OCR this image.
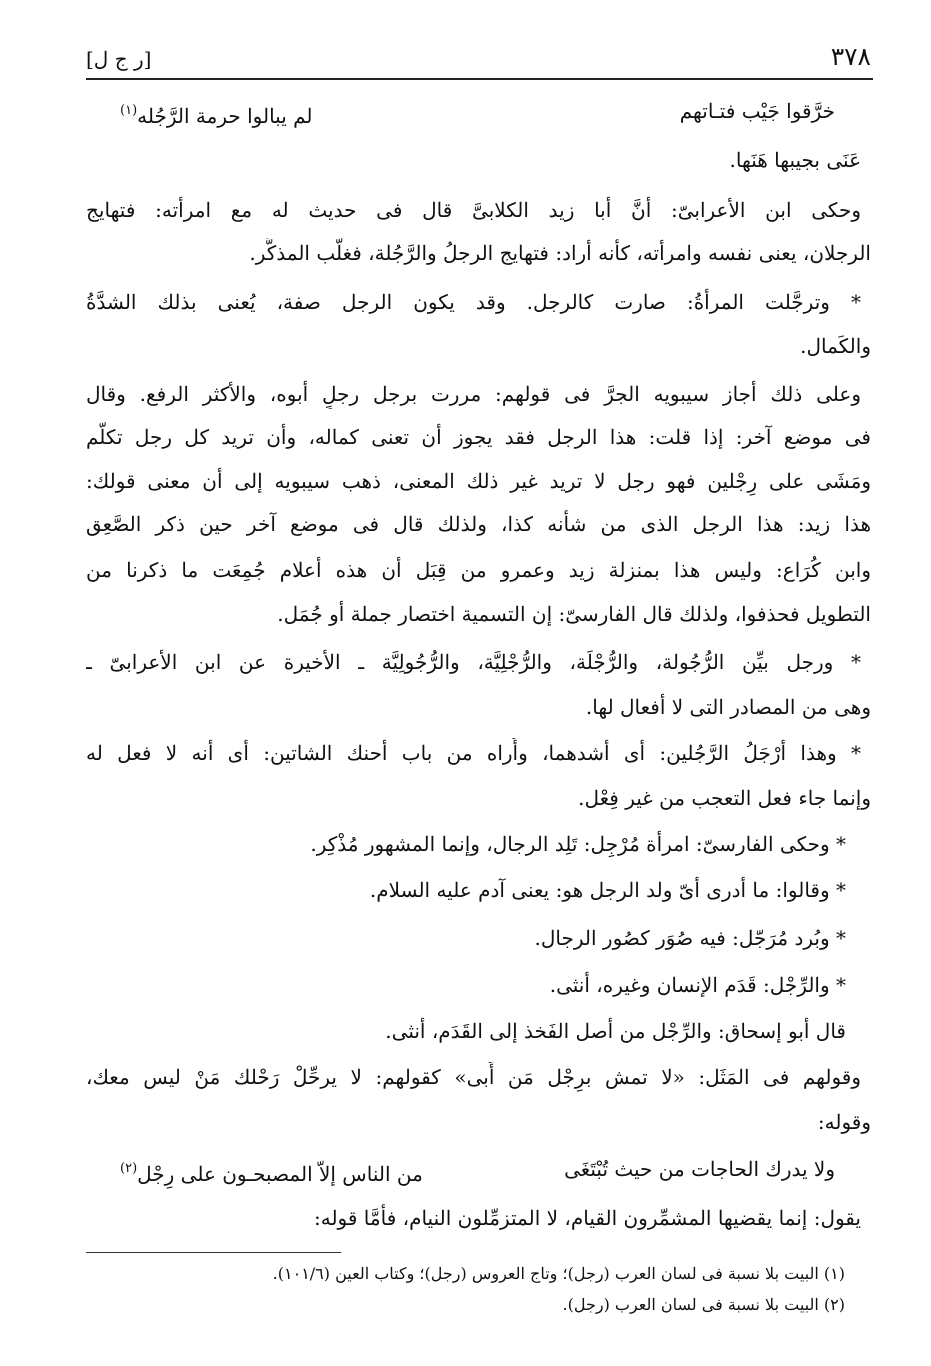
٣٧٨
[ر ج ل]
خرَّقوا جَيْب فتـاتهم
لم يبالوا حرمة الرَّجُله$^{(١)}$
عَنَى بجيبها هَنَها.
وحكى ابن الأعرابىّ: أنَّ أبا زيد الكلابىَّ قال فى حديث له مع امرأته: فتهايج
الرجلان، يعنى نفسه وامرأته، كأنه أراد: فتهايج الرجلُ والرَّجُلة، فغلَّب المذكَّر.
* وترجَّلت المرأةُ: صارت كالرجل. وقد يكون الرجل صفة، يُعنى بذلك الشدَّةُ
والكَمال.
وعلى ذلك أجاز سيبويه الجرَّ فى قولهم: مررت برجل رجلٍ أبوه، والأكثر الرفع. وقال
فى موضع آخر: إذا قلت: هذا الرجل فقد يجوز أن تعنى كماله، وأن تريد كل رجل تكلَّم
ومَشَى على رِجْلين فهو رجل لا تريد غير ذلك المعنى، ذهب سيبويه إلى أن معنى قولك:
هذا زيد: هذا الرجل الذى من شأنه كذا، ولذلك قال فى موضع آخر حين ذكر الصَّعِق
وابن كُرَاع: وليس هذا بمنزلة زيد وعمرو من قِبَل أن هذه أعلام جُمِعَت ما ذكرنا من
التطويل فحذفوا، ولذلك قال الفارسىّ: إن التسمية اختصار جملة أو جُمَل.
* ورجل بيِّن الرُّجُولة، والرُّجْلَة، والرُّجْلِيَّة، والرُّجُولِيَّة ـ الأخيرة عن ابن الأعرابىّ ـ
وهى من المصادر التى لا أفعال لها.
* وهذا أرْجَلُ الرَّجُلين: أى أشدهما، وأُراه من باب أحنك الشاتين: أى أنه لا فعل له
وإنما جاء فعل التعجب من غير فِعْل.
* وحكى الفارسىّ: امرأة مُرْجِل: تَلِد الرجال، وإنما المشهور مُذْكِر.
* وقالوا: ما أدرى أىّ ولد الرجل هو: يعنى آدم عليه السلام.
* وبُرد مُرَجّل: فيه صُوَر كصُور الرجال.
* والرِّجْل: قَدَم الإنسان وغيره، أنثى.
قال أبو إسحاق: والرِّجْل من أصل الفَخذ إلى القَدَم، أنثى.
وقولهم فى المَثَل: «لا تمش برِجْل مَن أَبى» كقولهم: لا يرحِّلْ رَحْلك مَنْ ليس معك،
وقوله:
ولا يدرك الحاجات من حيث تُبْتَغَى
من الناس إلاّ المصبحـون على رِجْل$^{(٢)}$
يقول: إنما يقضيها المشمِّرون القيام، لا المتزمِّلون النيام، فأمَّا قوله:
(١) البيت بلا نسبة فى لسان العرب (رجل)؛ وتاج العروس (رجل)؛ وكتاب العين (١٠١/٦).
(٢) البيت بلا نسبة فى لسان العرب (رجل).
